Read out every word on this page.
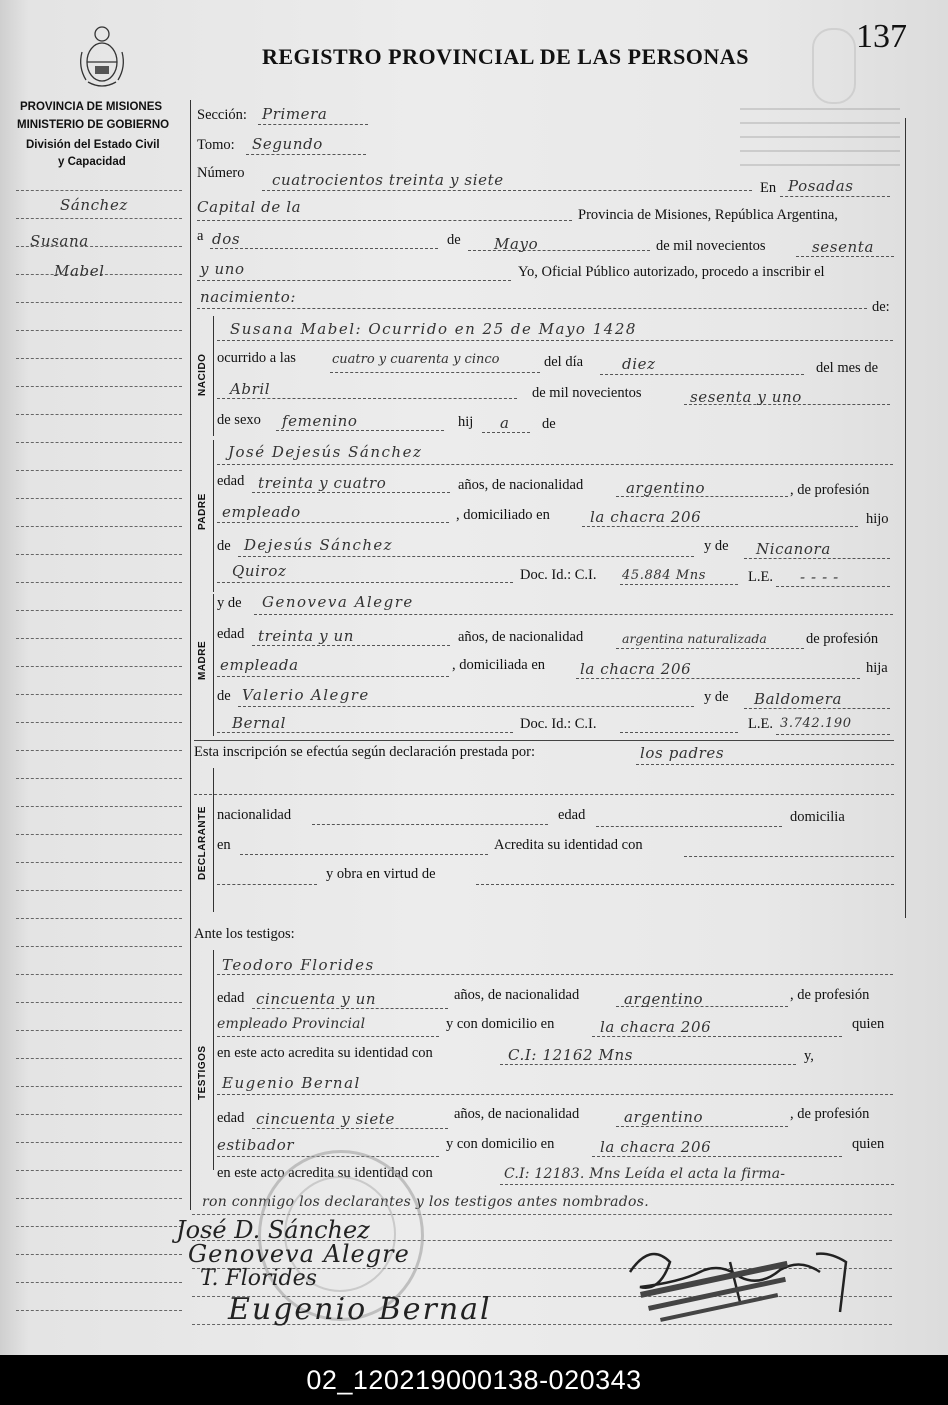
137
REGISTRO PROVINCIAL DE LAS PERSONAS
PROVINCIA DE MISIONES
MINISTERIO DE GOBIERNO
División del Estado Civil
y Capacidad
Sánchez
Susana
Mabel
NACIDO
PADRE
MADRE
DECLARANTE
TESTIGOS
Sección: Primera
Tomo: Segundo
Número cuatrocientos treinta y siete	En Posadas
Capital de la	Provincia de Misiones, República Argentina,
a dos	de Mayo	de mil novecientos	sesenta
y uno	Yo, Oficial Público autorizado, procedo a inscribir el
nacimiento:
de:
Susana Mabel: Ocurrido en 25 de Mayo 1428
ocurrido a las	cuatro y cuarenta y cinco	del día	diez	del mes de
Abril	de mil novecientos	sesenta y uno
de sexo femenino	hij a de
José Dejesús Sánchez
edad treinta y cuatro	años, de nacionalidad	argentino	, de profesión
empleado	, domiciliado en	la chacra 206	hijo
de Dejesús Sánchez	y de Nicanora
Quiroz	Doc. Id.: C.I. 45.884 Mns	L.E. - - - -
y de Genoveva Alegre
edad treinta y un	años, de nacionalidad	argentina naturalizada	de profesión
empleada	, domiciliada en la chacra 206	hija
de Valerio Alegre	y de Baldomera
Bernal	Doc. Id.: C.I.	L.E. 3.742.190
Esta inscripción se efectúa según declaración prestada por:	los padres
nacionalidad	edad	domicilia
en	Acredita su identidad con
y obra en virtud de
Ante los testigos:
Teodoro Florides
edad cincuenta y un	años, de nacionalidad	argentino	, de profesión
empleado Provincial	y con domicilio en	la chacra 206	quien
en este acto acredita su identidad con	C.I: 12162 Mns	y,
Eugenio Bernal
edad cincuenta y siete	años, de nacionalidad	argentino	, de profesión
estibador	y con domicilio en	la chacra 206	quien
en este acto acredita su identidad con	C.I: 12183. Mns Leída el acta la firma-
ron conmigo los declarantes y los testigos antes nombrados.
José D. Sánchez
Genoveva Alegre
T. Florides
Eugenio Bernal
02_120219000138-020343
